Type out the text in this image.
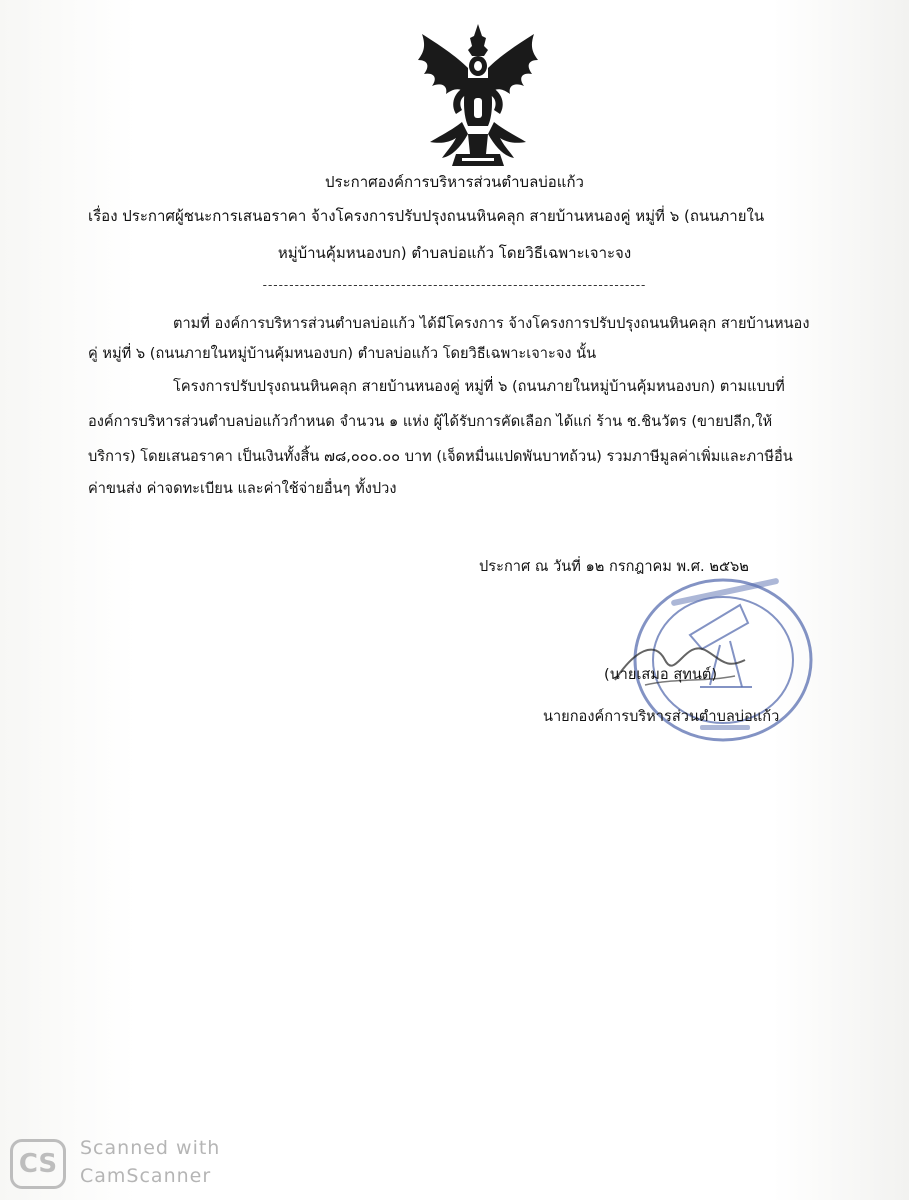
ประกาศองค์การบริหารส่วนตำบลบ่อแก้ว
เรื่อง ประกาศผู้ชนะการเสนอราคา จ้างโครงการปรับปรุงถนนหินคลุก สายบ้านหนองคู่ หมู่ที่ ๖ (ถนนภายใน
หมู่บ้านคุ้มหนองบก) ตำบลบ่อแก้ว โดยวิธีเฉพาะเจาะจง
------------------------------------------------------------------------
ตามที่ องค์การบริหารส่วนตำบลบ่อแก้ว ได้มีโครงการ จ้างโครงการปรับปรุงถนนหินคลุก สายบ้านหนอง
คู่ หมู่ที่ ๖ (ถนนภายในหมู่บ้านคุ้มหนองบก) ตำบลบ่อแก้ว โดยวิธีเฉพาะเจาะจง นั้น
โครงการปรับปรุงถนนหินคลุก สายบ้านหนองคู่ หมู่ที่ ๖ (ถนนภายในหมู่บ้านคุ้มหนองบก) ตามแบบที่
องค์การบริหารส่วนตำบลบ่อแก้วกำหนด จำนวน ๑ แห่ง ผู้ได้รับการคัดเลือก ได้แก่ ร้าน ช.ชินวัตร (ขายปลีก,ให้
บริการ) โดยเสนอราคา เป็นเงินทั้งสิ้น ๗๘,๐๐๐.๐๐ บาท (เจ็ดหมื่นแปดพันบาทถ้วน) รวมภาษีมูลค่าเพิ่มและภาษีอื่น
ค่าขนส่ง ค่าจดทะเบียน และค่าใช้จ่ายอื่นๆ ทั้งปวง
ประกาศ ณ วันที่ ๑๒ กรกฎาคม พ.ศ. ๒๕๖๒
(นายเสมอ สุทนต์)
นายกองค์การบริหารส่วนตำบลบ่อแก้ว
CS
Scanned with
CamScanner
